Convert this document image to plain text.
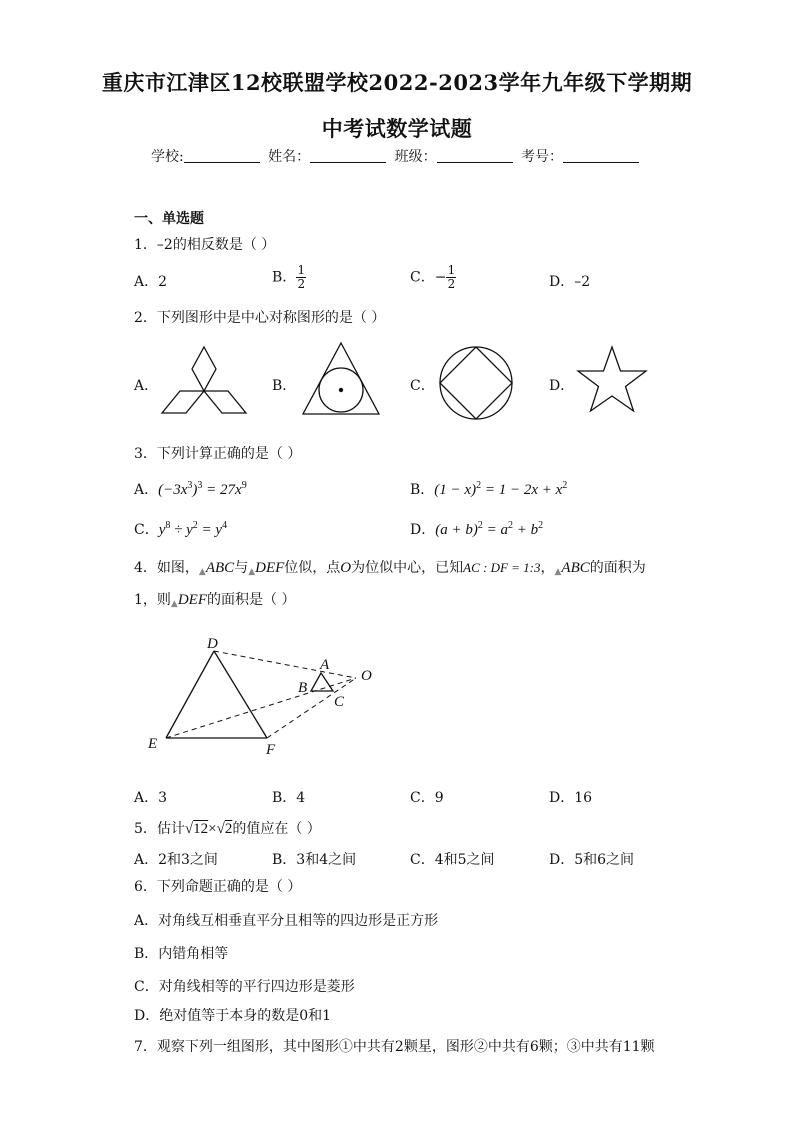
重庆市江津区12校联盟学校2022-2023学年九年级下学期期
中考试数学试题
学校:	姓名：	班级：	考号：
一、单选题
1．–2的相反数是（ ）
A．2	B． $\frac{1}{2}$	C．− $\frac{1}{2}$	D．–2
2．下列图形中是中心对称图形的是（ ）
A．	B．	C．	D．
3．下列计算正确的是（ ）
A．$(-3x^3)^3 = 27x^9$	B．$(1 - x)^2 = 1 - 2x + x^2$
C．$y^8 \div y^2 = y^4$	D．$(a + b)^2 = a^2 + b^2$
4．如图，▲ABC与▲DEF位似，点O为位似中心，已知AC : DF = 1:3，▲ABC的面积为
1，则▲DEF的面积是（ ）
D
E	F
A
B
C
O
A．3	B．4	C．9	D．16
5．估计√12×√2的值应在（ ）
A．2和3之间	B．3和4之间	C．4和5之间	D．5和6之间
6．下列命题正确的是（ ）
A．对角线互相垂直平分且相等的四边形是正方形
B．内错角相等
C．对角线相等的平行四边形是菱形
D．绝对值等于本身的数是0和1
7．观察下列一组图形，其中图形①中共有2颗星，图形②中共有6颗；③中共有11颗
